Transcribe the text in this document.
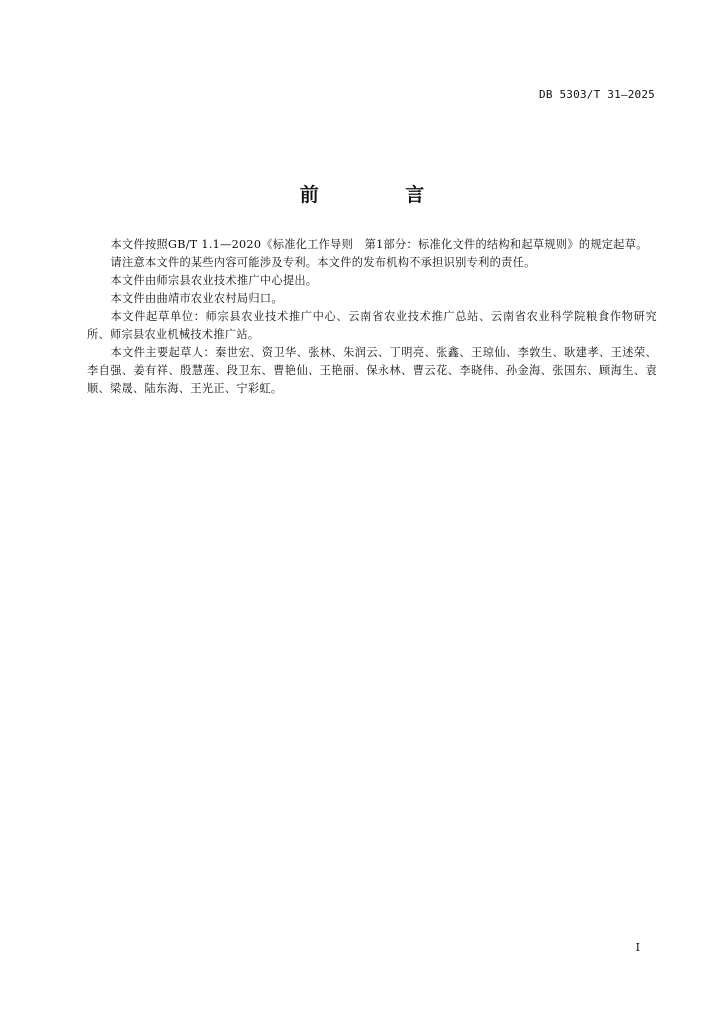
DB 5303/T 31—2025
前 言

本文件按照GB/T 1.1—2020《标准化工作导则　第1部分：标准化文件的结构和起草规则》的规定起草。

请注意本文件的某些内容可能涉及专利。本文件的发布机构不承担识别专利的责任。

本文件由师宗县农业技术推广中心提出。

本文件由曲靖市农业农村局归口。

本文件起草单位：师宗县农业技术推广中心、云南省农业技术推广总站、云南省农业科学院粮食作物研究所、师宗县农业机械技术推广站。

本文件主要起草人：秦世宏、资卫华、张林、朱润云、丁明亮、张鑫、王琼仙、李敦生、耿建孝、王述荣、李自强、姜有祥、殷慧莲、段卫东、曹艳仙、王艳丽、保永林、曹云花、李晓伟、孙金海、张国东、顾海生、袁顺、梁晟、陆东海、王光正、宁彩虹。

I
